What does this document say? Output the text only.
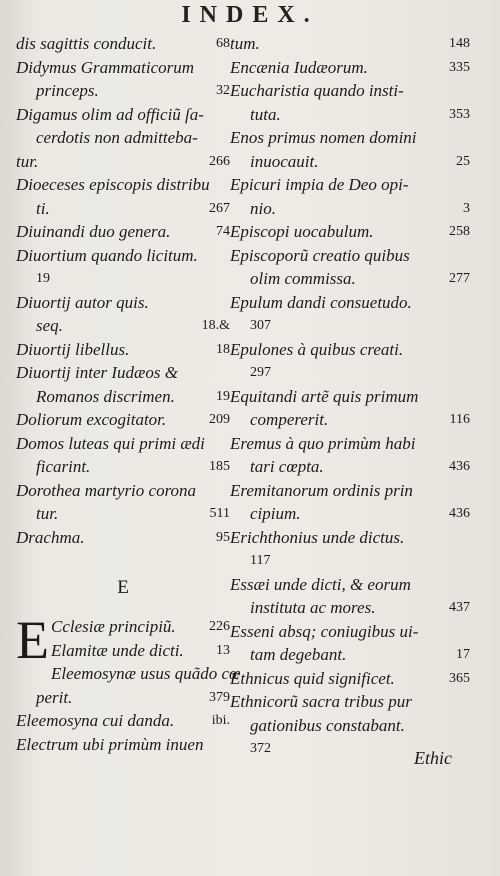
INDEX.
dis sagittis conducit.	68
Didymus Grammaticorum
princeps.	32
Digamus olim ad officiũ ſa-
cerdotis non admitteba-
tur.	266
Dioeceses episcopis distribu
ti.	267
Diuinandi duo genera.	74
Diuortium quando licitum.
19
Diuortij autor quis.
seq.	18.&
Diuortij libellus.	18
Diuortij inter Iudæos &
Romanos discrimen.	19
Doliorum excogitator.	209
Domos luteas qui primi ædi
ficarint.	185
Dorothea martyrio corona
tur.	511
Drachma.	95
E
E Cclesiæ principiũ. 226
Elamitæ unde dicti. 13
Eleemosynæ usus quãdo cœ
perit.	379
Eleemosyna cui danda.	ibi.
Electrum ubi primùm inuen
tum.	148
Encænia Iudæorum.	335
Eucharistia quando insti-
tuta.	353
Enos primus nomen domini
inuocauit.	25
Epicuri impia de Deo opi-
nio.	3
Episcopi uocabulum.	258
Episcoporũ creatio quibus
olim commissa.	277
Epulum dandi consuetudo.
307
Epulones à quibus creati.
297
Equitandi artẽ quis primum
compererit.	116
Eremus à quo primùm habi
tari cœpta.	436
Eremitanorum ordinis prin
cipium.	436
Erichthonius unde dictus.
117
Essæi unde dicti, & eorum
instituta ac mores.	437
Esseni absq; coniugibus ui-
tam degebant.	17
Ethnicus quid significet.	365
Ethnicorũ sacra tribus pur
gationibus constabant.
372	Ethic
